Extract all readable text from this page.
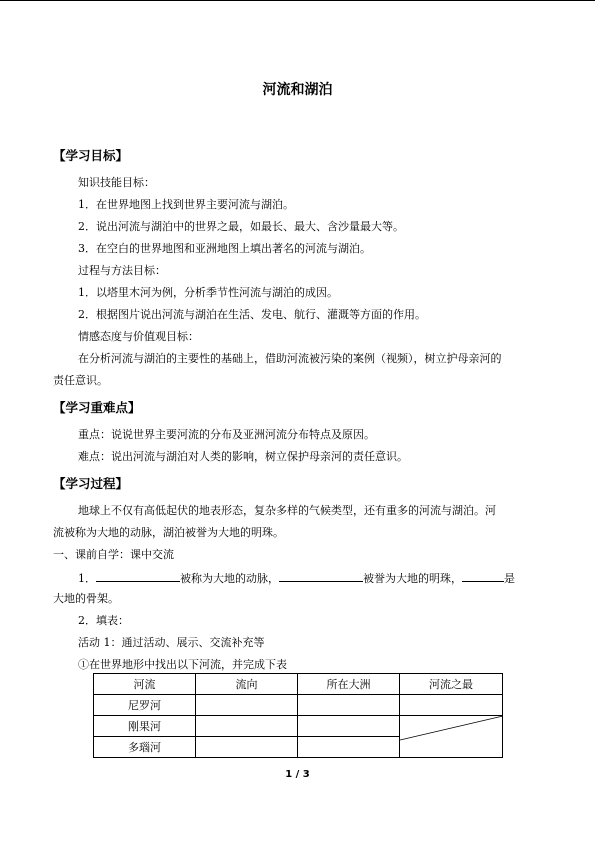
河流和湖泊
【学习目标】
知识技能目标：
1．在世界地图上找到世界主要河流与湖泊。
2．说出河流与湖泊中的世界之最，如最长、最大、含沙量最大等。
3．在空白的世界地图和亚洲地图上填出著名的河流与湖泊。
过程与方法目标：
1．以塔里木河为例，分析季节性河流与湖泊的成因。
2．根据图片说出河流与湖泊在生活、发电、航行、灌溉等方面的作用。
情感态度与价值观目标：
在分析河流与湖泊的主要性的基础上，借助河流被污染的案例（视频），树立护母亲河的
责任意识。
【学习重难点】
重点：说说世界主要河流的分布及亚洲河流分布特点及原因。
难点：说出河流与湖泊对人类的影响，树立保护母亲河的责任意识。
【学习过程】
地球上不仅有高低起伏的地表形态，复杂多样的气候类型，还有重多的河流与湖泊。河
流被称为大地的动脉，湖泊被誉为大地的明珠。
一、课前自学：课中交流
1．	被称为大地的动脉，	被誉为大地的明珠，	是
大地的骨架。
2．填表：
活动 1：通过活动、展示、交流补充等
①在世界地形中找出以下河流，并完成下表
河流	流向	所在大洲	河流之最
尼罗河			
刚果河			

多瑙河			
1 / 3
